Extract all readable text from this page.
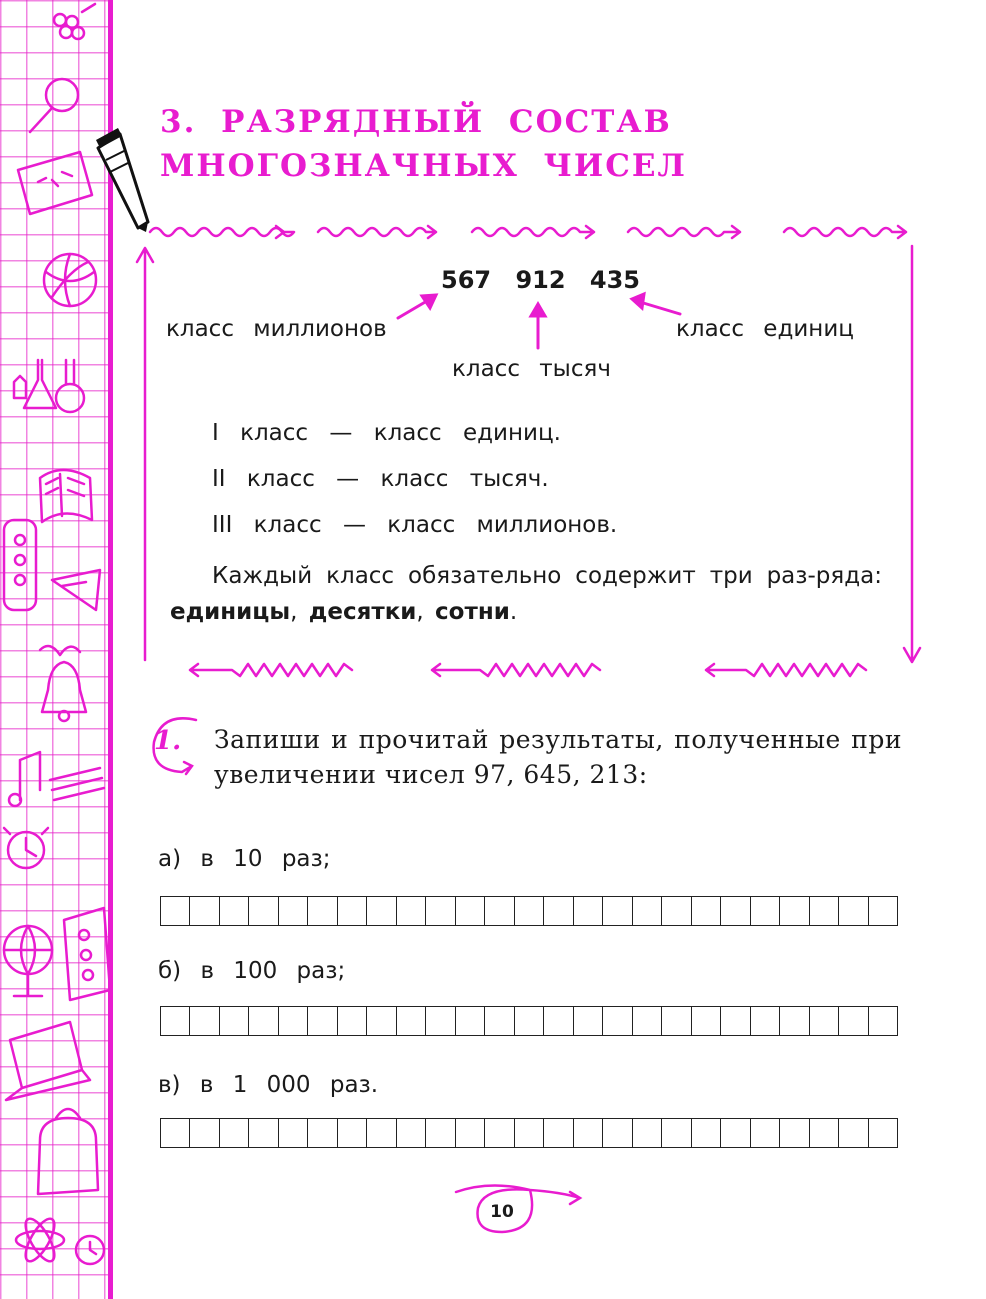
3. РАЗРЯДНЫЙ СОСТАВ
МНОГОЗНАЧНЫХ ЧИСЕЛ
567 912 435
класс миллионов	класс единиц
класс тысяч
I класс — класс единиц.
II класс — класс тысяч.
III класс — класс миллионов.

Каждый класс обязательно содержит три раз-ряда: единицы, десятки, сотни.

1. Запиши и прочитай результаты, полученные при увеличении чисел 97, 645, 213:

а) в 10 раз;
б) в 100 раз;
в) в 1 000 раз.
10
